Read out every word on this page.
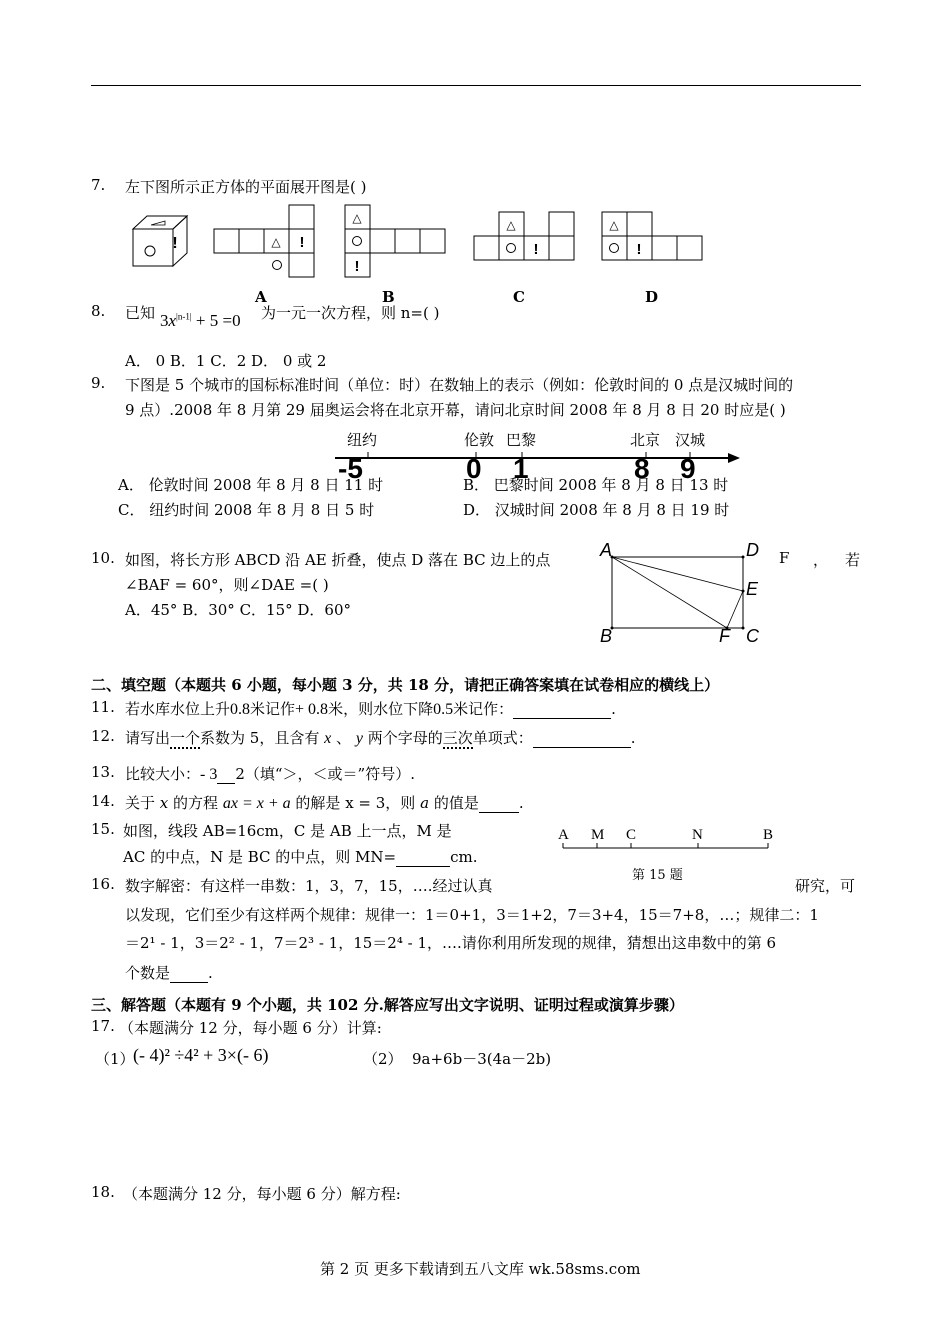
7. 左下图所示正方体的平面展开图是( )
!	△ !
△
!
△
!
△
!
A	B	C	D
8. 已知 $3x^{|n-1|} + 5 =0$ 为一元一次方程，则 n=( )
A． 0 B．1 C．2 D． 0 或 2
9. 下图是 5 个城市的国标标准时间（单位：时）在数轴上的表示（例如：伦敦时间的 0 点是汉城时间的
9 点）.2008 年 8 月第 29 届奥运会将在北京开幕，请问北京时间 2008 年 8 月 8 日 20 时应是( )
纽约	伦敦 巴黎	北京 汉城
-5	0 1	8 9
A． 伦敦时间 2008 年 8 月 8 日 11 时	B． 巴黎时间 2008 年 8 月 8 日 13 时
C． 纽约时间 2008 年 8 月 8 日 5 时	D． 汉城时间 2008 年 8 月 8 日 19 时
10. 如图，将长方形 ABCD 沿 AE 折叠，使点 D 落在 BC 边上的点	F ， 若
∠BAF = 60°，则∠DAE =( )
A．45° B．30° C．15° D．60°
A	D
E
B	F C
二、填空题（本题共 6 小题，每小题 3 分，共 18 分，请把正确答案填在试卷相应的横线上）
11. 若水库水位上升0.8米记作+ 0.8米，则水位下降0.5米记作：	.
12. 请写出一个系数为 5，且含有 x 、 y 两个字母的三次单项式：	.
13. 比较大小：- 3 2（填“＞，＜或＝”符号）.
14. 关于 x 的方程 ax = x + a 的解是 x = 3，则 a 的值是	.
15. 如图，线段 AB=16cm，C 是 AB 上一点，M 是
AC 的中点，N 是 BC 的中点，则 MN=	cm.
A M C	N	B
第 15 题
16. 数字解密：有这样一串数：1，3，7，15，….经过认真	研究，可
以发现，它们至少有这样两个规律：规律一：1＝0+1，3＝1+2，7＝3+4，15＝7+8，…；规律二：1
＝2¹ - 1，3＝2² - 1，7＝2³ - 1，15＝2⁴ - 1，….请你利用所发现的规律，猜想出这串数中的第 6
个数是	.
三、解答题（本题有 9 个小题，共 102 分.解答应写出文字说明、证明过程或演算步骤）
17. （本题满分 12 分，每小题 6 分）计算:
（1）
(- 4)² ÷4² + 3×(- 6)	（2） 9a+6b－3(4a－2b)
18. （本题满分 12 分，每小题 6 分）解方程:
第 2 页 更多下载请到五八文库 wk.58sms.com
